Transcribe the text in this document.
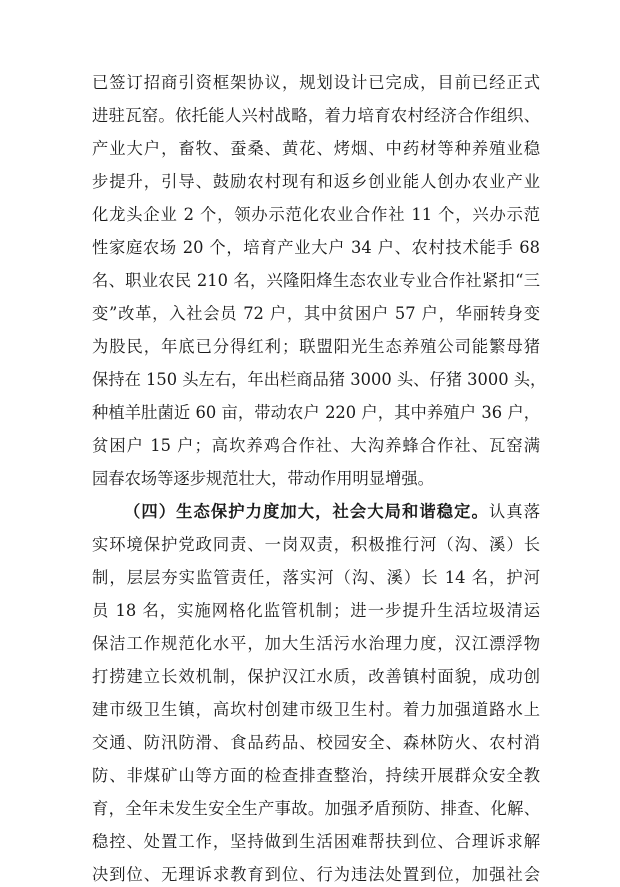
已签订招商引资框架协议，规划设计已完成，目前已经正式
进驻瓦窑。依托能人兴村战略，着力培育农村经济合作组织、
产业大户，畜牧、蚕桑、黄花、烤烟、中药材等种养殖业稳
步提升，引导、鼓励农村现有和返乡创业能人创办农业产业
化龙头企业 2 个，领办示范化农业合作社 11 个，兴办示范
性家庭农场 20 个，培育产业大户 34 户、农村技术能手 68
名、职业农民 210 名，兴隆阳烽生态农业专业合作社紧扣“三
变”改革，入社会员 72 户，其中贫困户 57 户，华丽转身变
为股民，年底已分得红利；联盟阳光生态养殖公司能繁母猪
保持在 150 头左右，年出栏商品猪 3000 头、仔猪 3000 头，
种植羊肚菌近 60 亩，带动农户 220 户，其中养殖户 36 户，
贫困户 15 户；高坎养鸡合作社、大沟养蜂合作社、瓦窑满
园春农场等逐步规范壮大，带动作用明显增强。
（四）生态保护力度加大，社会大局和谐稳定。认真落
实环境保护党政同责、一岗双责，积极推行河（沟、溪）长
制，层层夯实监管责任，落实河（沟、溪）长 14 名，护河
员 18 名，实施网格化监管机制；进一步提升生活垃圾清运
保洁工作规范化水平，加大生活污水治理力度，汉江漂浮物
打捞建立长效机制，保护汉江水质，改善镇村面貌，成功创
建市级卫生镇，高坎村创建市级卫生村。着力加强道路水上
交通、防汛防滑、食品药品、校园安全、森林防火、农村消
防、非煤矿山等方面的检查排查整治，持续开展群众安全教
育，全年未发生安全生产事故。加强矛盾预防、排查、化解、
稳控、处置工作，坚持做到生活困难帮扶到位、合理诉求解
决到位、无理诉求教育到位、行为违法处置到位，加强社会
